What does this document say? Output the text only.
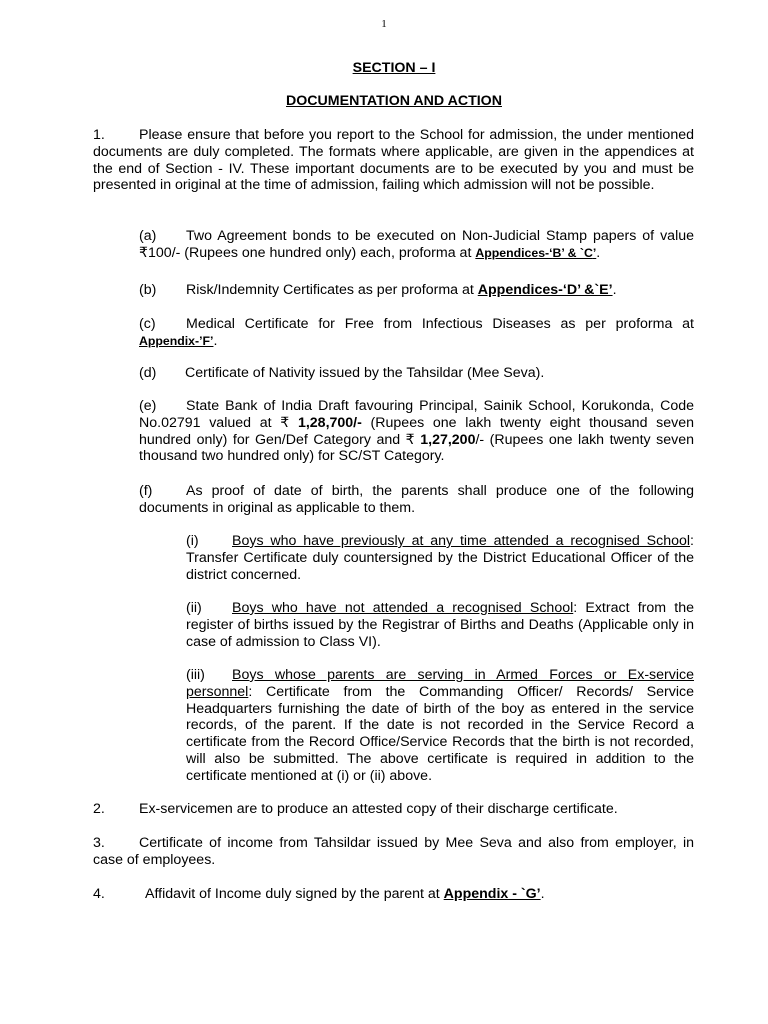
1
SECTION – I
DOCUMENTATION AND ACTION
1. Please ensure that before you report to the School for admission, the under mentioned documents are duly completed. The formats where applicable, are given in the appendices at the end of Section - IV. These important documents are to be executed by you and must be presented in original at the time of admission, failing which admission will not be possible.
(a) Two Agreement bonds to be executed on Non-Judicial Stamp papers of value ₹100/- (Rupees one hundred only) each, proforma at Appendices-‘B’ & `C’.
(b) Risk/Indemnity Certificates as per proforma at Appendices-‘D’ &`E’.
(c) Medical Certificate for Free from Infectious Diseases as per proforma at Appendix-’F’.
(d) Certificate of Nativity issued by the Tahsildar (Mee Seva).
(e) State Bank of India Draft favouring Principal, Sainik School, Korukonda, Code No.02791 valued at ₹ 1,28,700/- (Rupees one lakh twenty eight thousand seven hundred only) for Gen/Def Category and ₹ 1,27,200/- (Rupees one lakh twenty seven thousand two hundred only) for SC/ST Category.
(f) As proof of date of birth, the parents shall produce one of the following documents in original as applicable to them.
(i) Boys who have previously at any time attended a recognised School: Transfer Certificate duly countersigned by the District Educational Officer of the district concerned.
(ii) Boys who have not attended a recognised School: Extract from the register of births issued by the Registrar of Births and Deaths (Applicable only in case of admission to Class VI).
(iii) Boys whose parents are serving in Armed Forces or Ex-service personnel: Certificate from the Commanding Officer/ Records/ Service Headquarters furnishing the date of birth of the boy as entered in the service records, of the parent. If the date is not recorded in the Service Record a certificate from the Record Office/Service Records that the birth is not recorded, will also be submitted. The above certificate is required in addition to the certificate mentioned at (i) or (ii) above.
2. Ex-servicemen are to produce an attested copy of their discharge certificate.
3. Certificate of income from Tahsildar issued by Mee Seva and also from employer, in case of employees.
4.	Affidavit of Income duly signed by the parent at Appendix - `G’.
